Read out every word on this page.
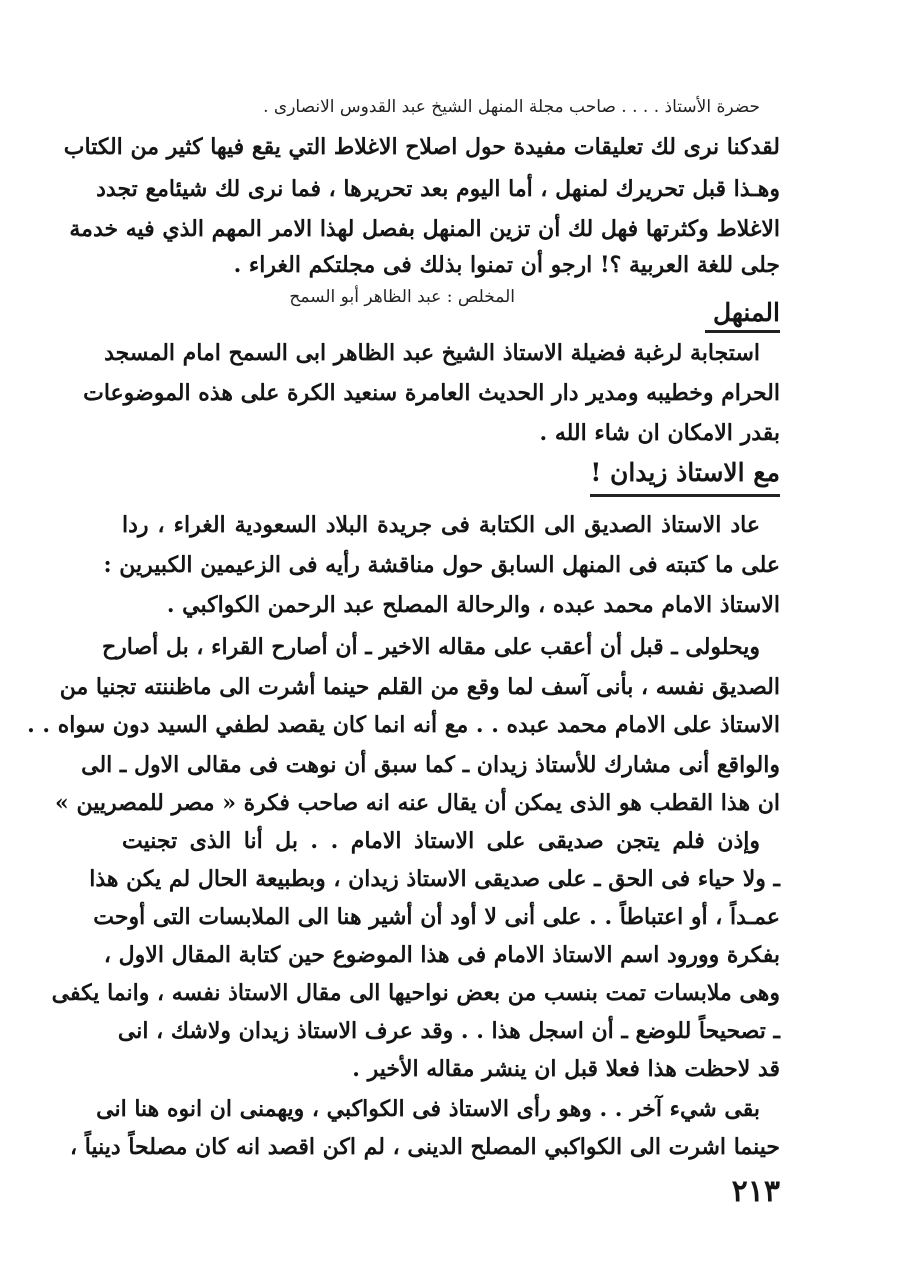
حضرة الأستاذ . . . . صاحب مجلة المنهل الشيخ عبد القدوس الانصارى .
لقدكنا نرى لك تعليقات مفيدة حول اصلاح الاغلاط التي يقع فيها كثير من الكتاب
وهـذا قبل تحريرك لمنهل ، أما اليوم بعد تحريرها ، فما نرى لك شيئامع تجدد
الاغلاط وكثرتها فهل لك أن تزين المنهل بفصل لهذا الامر المهم الذي فيه خدمة
جلى للغة العربية ؟! ارجو أن تمنوا بذلك فى مجلتكم الغراء .
المخلص : عبد الظاهر أبو السمح
المنهل
استجابة لرغبة فضيلة الاستاذ الشيخ عبد الظاهر ابى السمح امام المسجد
الحرام وخطيبه ومدير دار الحديث العامرة سنعيد الكرة على هذه الموضوعات
بقدر الامكان ان شاء الله .
مع الاستاذ زيدان !
عاد الاستاذ الصديق الى الكتابة فى جريدة البلاد السعودية الغراء ، ردا
على ما كتبته فى المنهل السابق حول مناقشة رأيه فى الزعيمين الكبيرين :
الاستاذ الامام محمد عبده ، والرحالة المصلح عبد الرحمن الكواكبي .
ويحلولى ـ قبل أن أعقب على مقاله الاخير ـ أن أصارح القراء ، بل أصارح
الصديق نفسه ، بأنى آسف لما وقع من القلم حينما أشرت الى ماظننته تجنيا من
الاستاذ على الامام محمد عبده . . مع أنه انما كان يقصد لطفي السيد دون سواه . .
والواقع أنى مشارك للأستاذ زيدان ـ كما سبق أن نوهت فى مقالى الاول ـ الى
ان هذا القطب هو الذى يمكن أن يقال عنه انه صاحب فكرة « مصر للمصريين »
وإذن فلم يتجن صديقى على الاستاذ الامام . . بل أنا الذى تجنيت
ـ ولا حياء فى الحق ـ على صديقى الاستاذ زيدان ، وبطبيعة الحال لم يكن هذا
عمـداً ، أو اعتباطاً . . على أنى لا أود أن أشير هنا الى الملابسات التى أوحت
بفكرة وورود اسم الاستاذ الامام فى هذا الموضوع حين كتابة المقال الاول ،
وهى ملابسات تمت بنسب من بعض نواحيها الى مقال الاستاذ نفسه ، وانما يكفى
ـ تصحيحاً للوضع ـ أن اسجل هذا . . وقد عرف الاستاذ زيدان ولاشك ، انى
قد لاحظت هذا فعلا قبل ان ينشر مقاله الأخير .
بقى شيء آخر . . وهو رأى الاستاذ فى الكواكبي ، ويهمنى ان انوه هنا انى
حينما اشرت الى الكواكبي المصلح الدينى ، لم اكن اقصد انه كان مصلحاً دينياً ،
٢١٣
